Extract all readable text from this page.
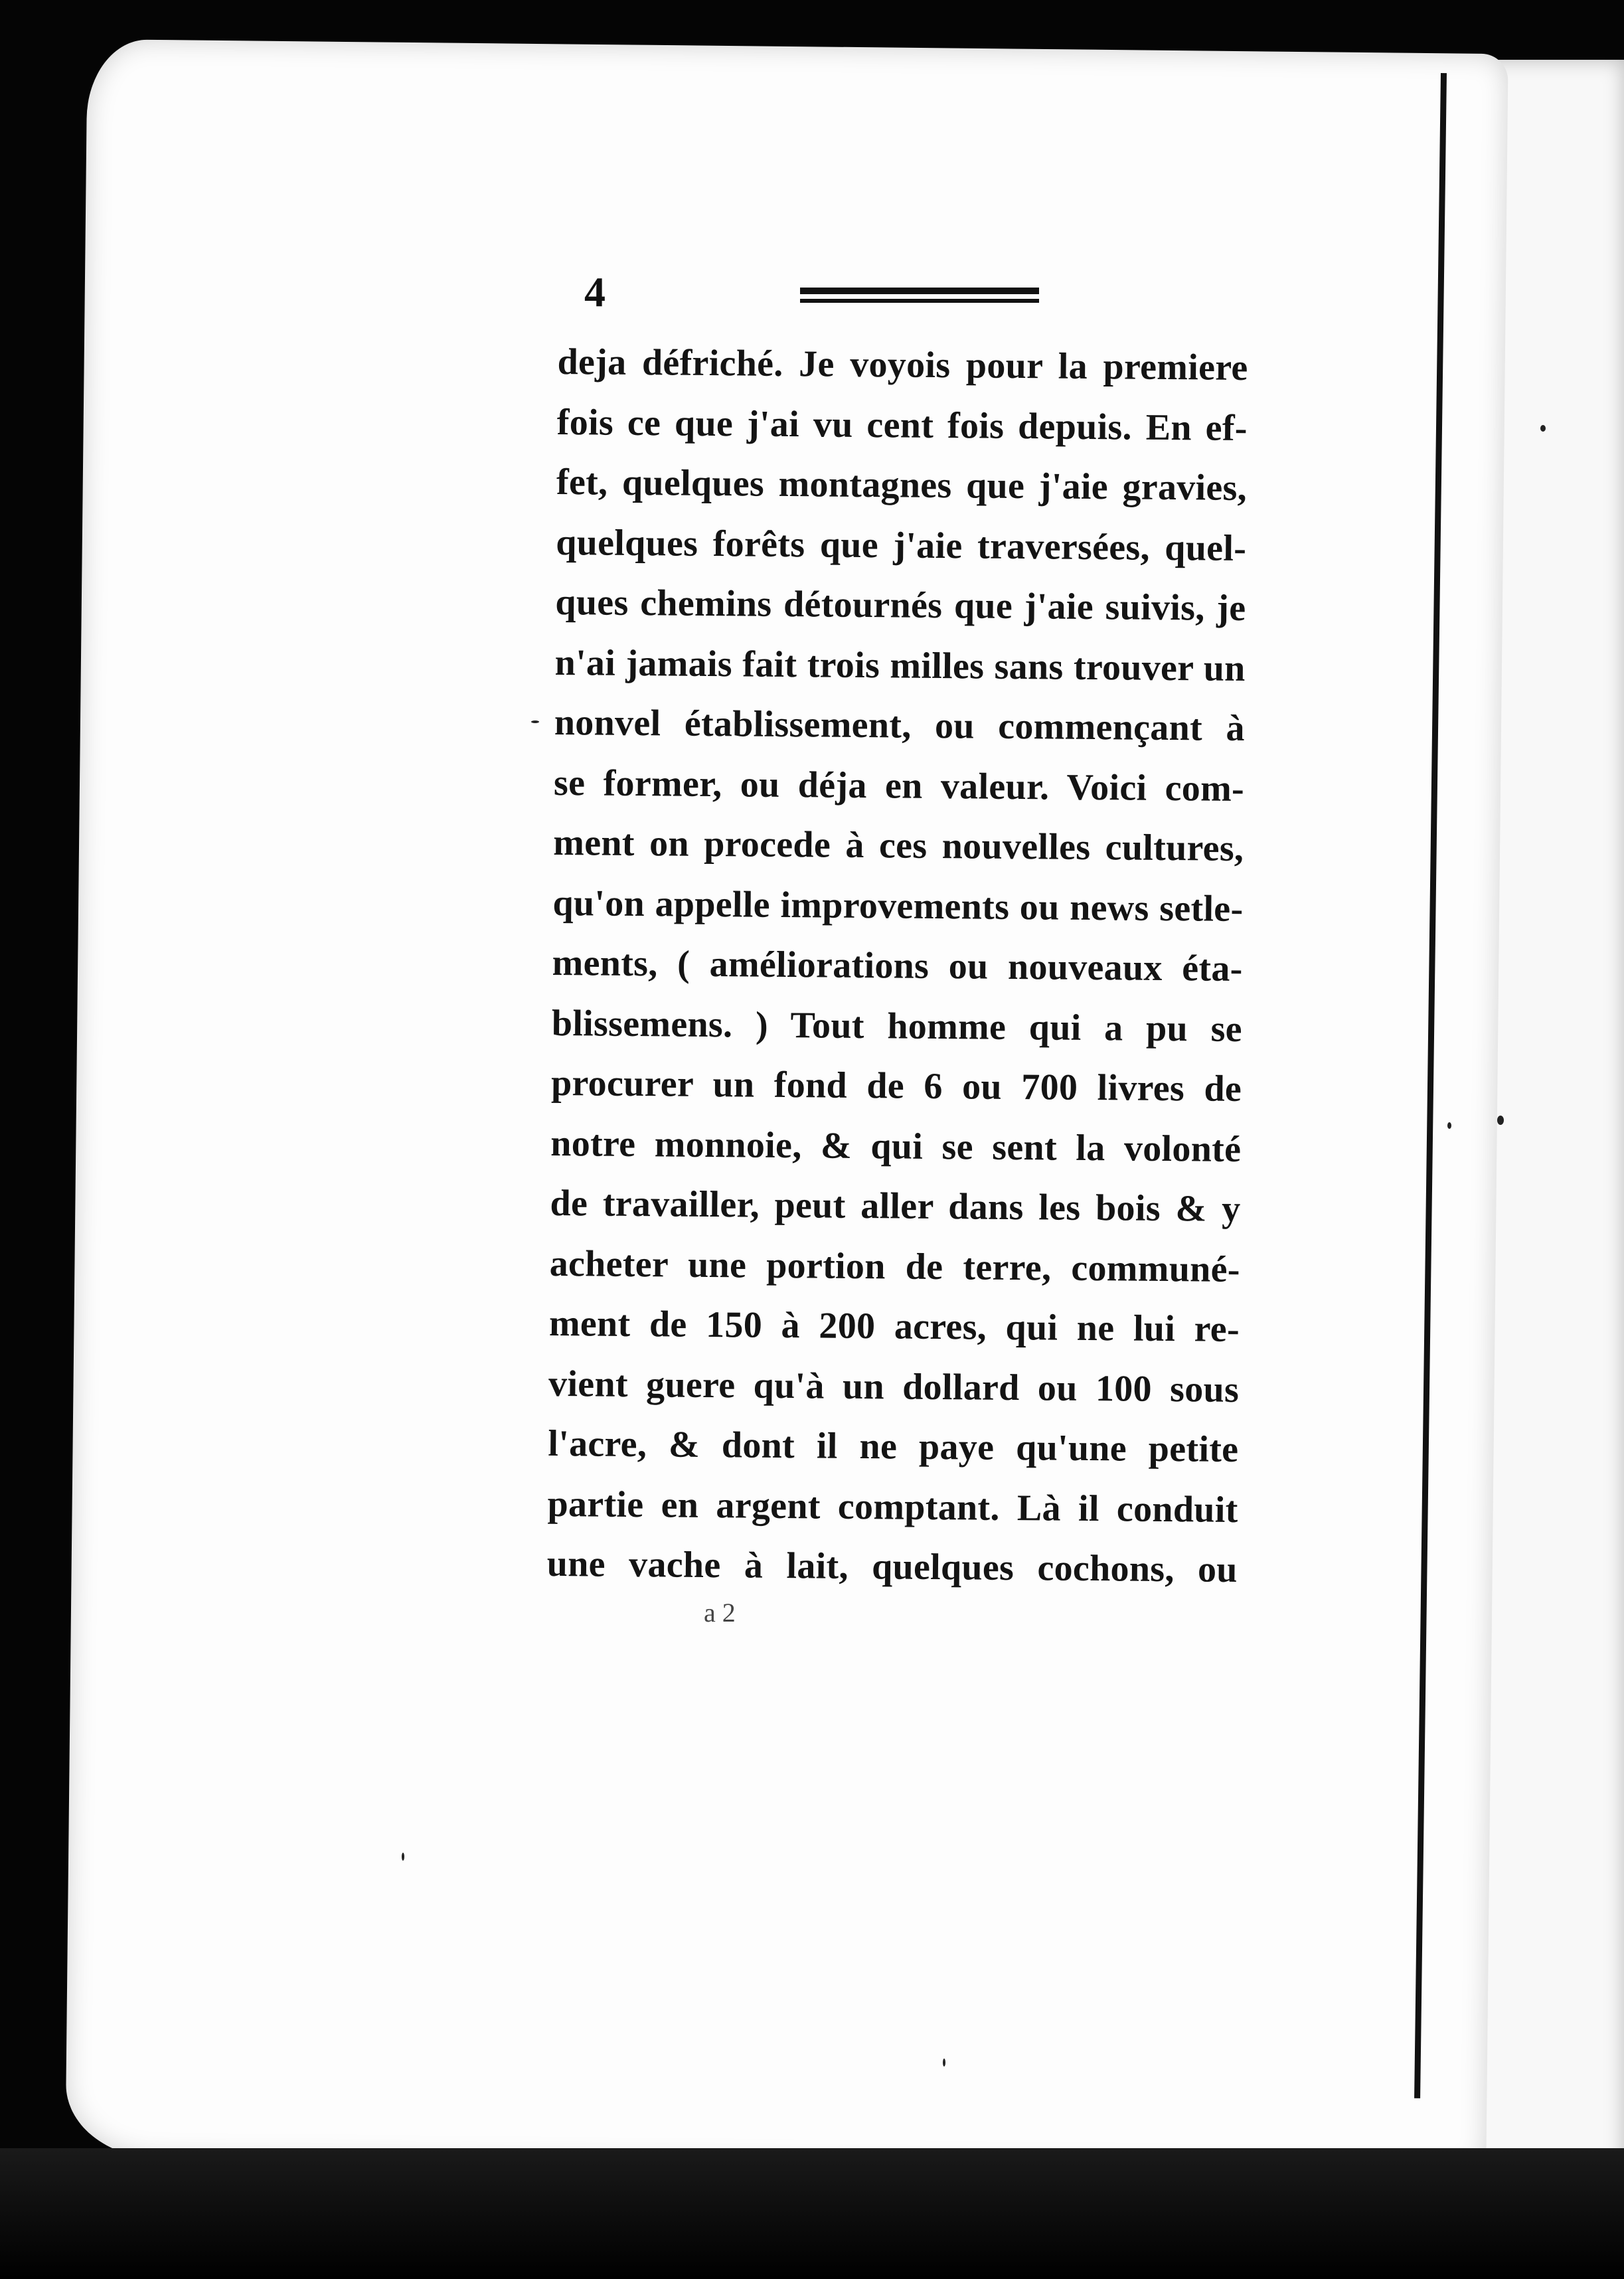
4
deja défriché. Je voyois pour la premiere
fois ce que j'ai vu cent fois depuis. En ef-
fet, quelques montagnes que j'aie gravies,
quelques forêts que j'aie traversées, quel-
ques chemins détournés que j'aie suivis, je
n'ai jamais fait trois milles sans trouver un
nonvel établissement, ou commençant à
se former, ou déja en valeur. Voici com-
ment on procede à ces nouvelles cultures,
qu'on appelle improvements ou news setle-
ments, ( améliorations ou nouveaux éta-
blissemens. ) Tout homme qui a pu se
procurer un fond de 6 ou 700 livres de
notre monnoie, & qui se sent la volonté
de travailler, peut aller dans les bois & y
acheter une portion de terre, communé-
ment de 150 à 200 acres, qui ne lui re-
vient guere qu'à un dollard ou 100 sous
l'acre, & dont il ne paye qu'une petite
partie en argent comptant. Là il conduit
une vache à lait, quelques cochons, ou
a 2
